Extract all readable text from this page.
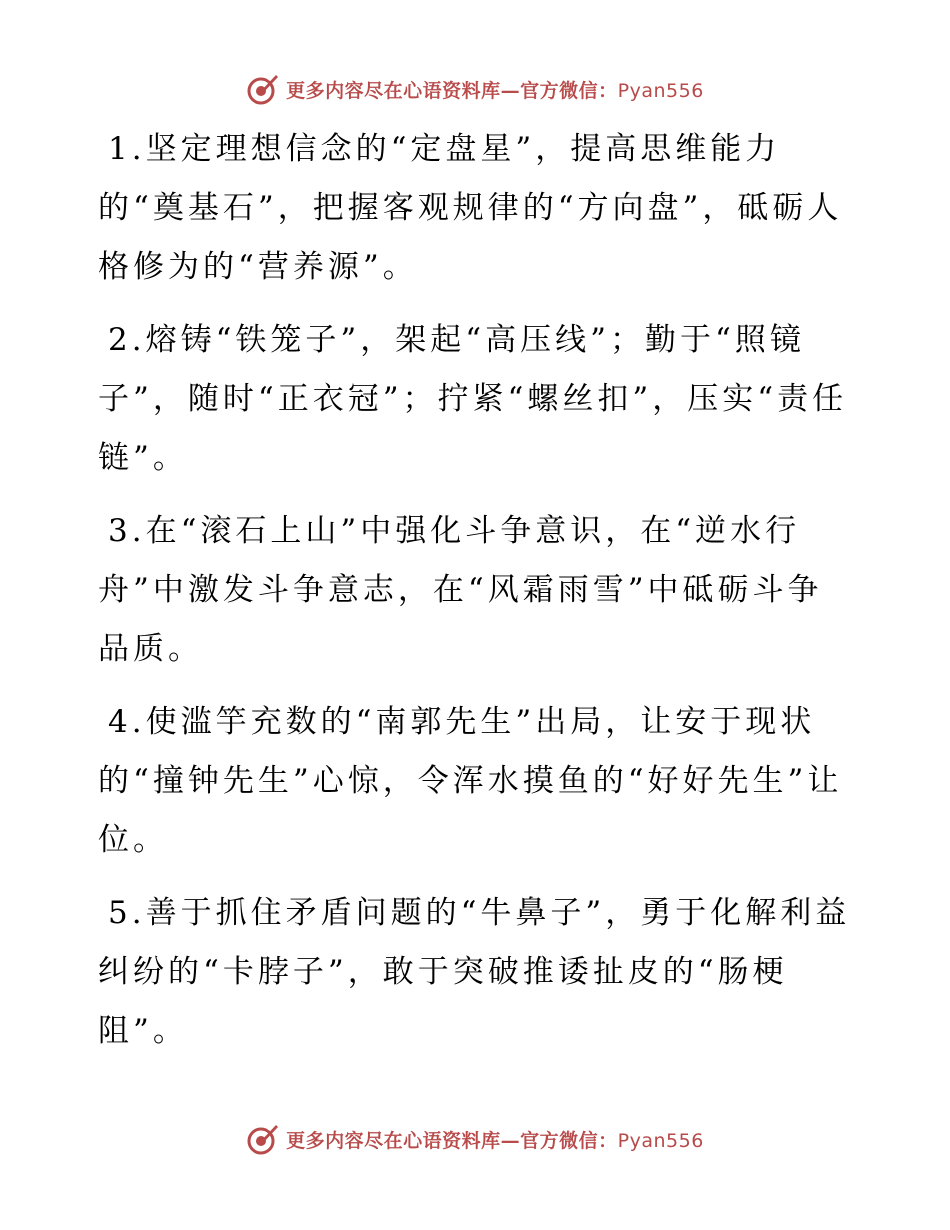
更多内容尽在心语资料库—官方微信：Pyan556

1.坚定理想信念的“定盘星”，提高思维能力的“奠基石”，把握客观规律的“方向盘”，砥砺人格修为的“营养源”。

2.熔铸“铁笼子”，架起“高压线”；勤于“照镜子”，随时“正衣冠”；拧紧“螺丝扣”，压实“责任链”。

3.在“滚石上山”中强化斗争意识，在“逆水行舟”中激发斗争意志，在“风霜雨雪”中砥砺斗争品质。

4.使滥竽充数的“南郭先生”出局，让安于现状的“撞钟先生”心惊，令浑水摸鱼的“好好先生”让位。

5.善于抓住矛盾问题的“牛鼻子”，勇于化解利益纠纷的“卡脖子”，敢于突破推诿扯皮的“肠梗阻”。

更多内容尽在心语资料库—官方微信：Pyan556
